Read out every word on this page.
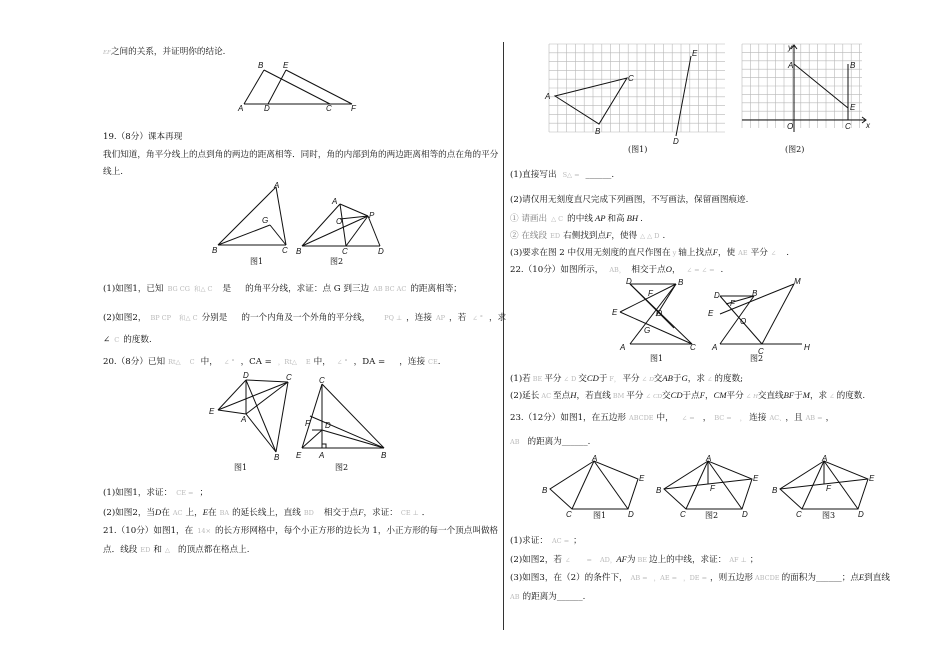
EF之间的关系，并证明你的结论.
B E
A	D	C F
19.（8分）课本再现
我们知道，角平分线上的点到角的两边的距离相等．同时，角的内部到角的两边距离相等的点在角的平分
线上.
A
G
B	C
图1
A
O
P
B	C	D
图2
(1)如图1，已知 BG CG 和△ C 是 的角平分线，求证：点 G 到三边 AB BC AC 的距离相等；
(2)如图2， BP CP 和△ C 分别是 的一个内角及一个外角的平分线， PQ ⊥ ，连接 AP ，若 ∠ ° ，求
∠ C 的度数.
20.（8分）已知 Rt△ C 中， ∠ ° ，CA = ，Rt△ E 中， ∠ ° ，DA = ，连接 CE.
D	C
E
A
B
图1
C
F D
E A	B
图2
(1)如图1，求证： CE = ；
(2)如图2，当D在 AC 上，E在 BA 的延长线上，直线 BD 相交于点F，求证： CE ⊥ ．
21.（10分）如图1，在 14× 的长方形网格中，每个小正方形的边长为 1，小正方形的每一个顶点叫做格
点．线段 ED 和 △ 的顶点都在格点上.
E
C
A
B
D
(图1)
y
A	B
E
O	C x
(图2)
(1)直接写出 S△ = ______.
(2)请仅用无刻度直尺完成下列画图，不写画法，保留画图痕迹.
① 请画出 △ C 的中线 AP 和高 BH .
② 在线段 ED 右侧找到点F，使得 △ △ D .
(3)要求在图 2 中仅用无刻度的直尺作图在 y 轴上找点F，使 AE 平分 ∠ .
22.（10分）如图所示， AB， 相交于点O， ∠ = ∠ = .
D
F
B
E	O
G
A	C
图1
D
F
B
E
O
M
A	C	H
图2
(1)若 BE 平分 ∠ D 交CD于 F， 平分 ∠ D交AB于G，求 ∠ 的度数;
(2)延长 AC 至点H，若直线 BM 平分 ∠ CD交CD于点F，CM平分 ∠ H交直线BF于M，求 ∠ 的度数.
23.（12分）如图1，在五边形 ABCDE 中， ∠ = ， BC = ， 连接 AC、 ，且 AB = ，
AB 的距离为______.
A
B
E
C	D
图1
A
B
E
F
C	D
图2
A
B
E
F
C	D
图3
(1)求证： AC = ；
(2)如图2，若 ∠ = AD，AF为 BE 边上的中线，求证： AF ⊥ ；
(3)如图3，在（2）的条件下， AB = ，AE = ，DE = ，则五边形 ABCDE 的面积为______；点E到直线
AB 的距离为______.
